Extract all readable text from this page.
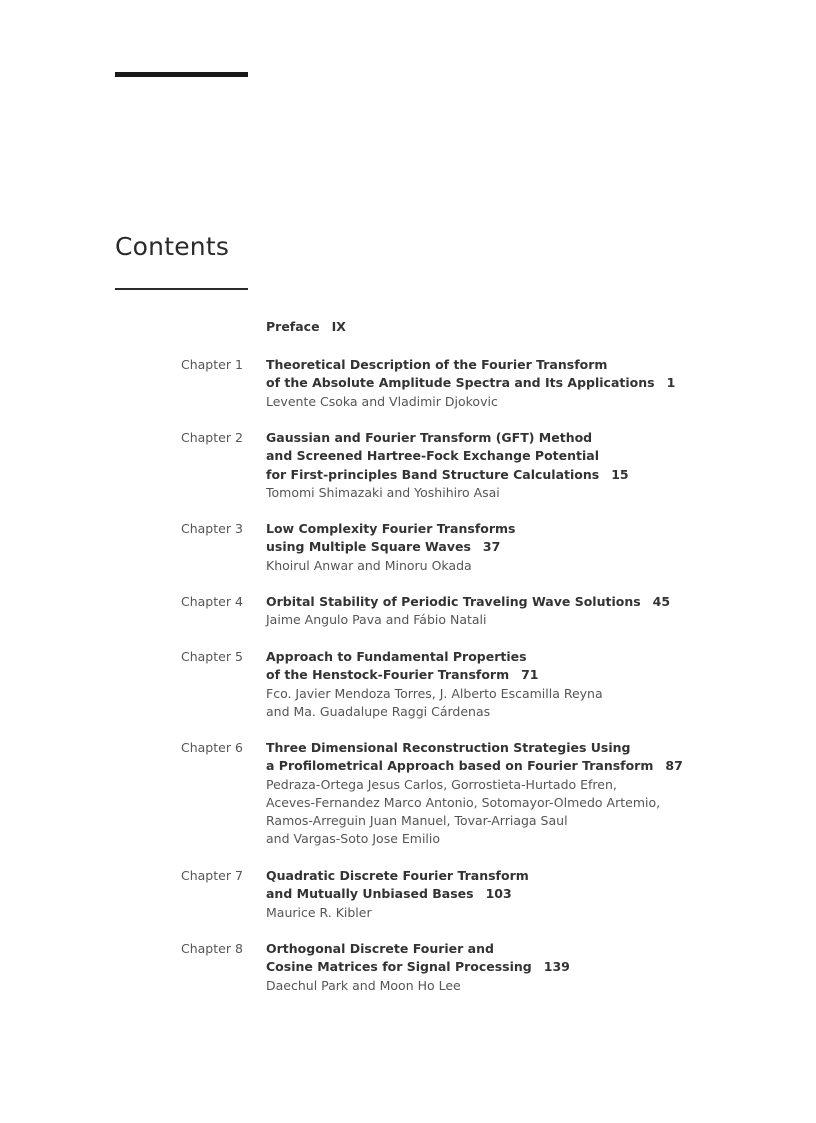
Contents
Preface IX
Chapter 1 Theoretical Description of the Fourier Transform
of the Absolute Amplitude Spectra and Its Applications 1
Levente Csoka and Vladimir Djokovic
Chapter 2 Gaussian and Fourier Transform (GFT) Method
and Screened Hartree-Fock Exchange Potential
for First-principles Band Structure Calculations 15
Tomomi Shimazaki and Yoshihiro Asai
Chapter 3 Low Complexity Fourier Transforms
using Multiple Square Waves 37
Khoirul Anwar and Minoru Okada
Chapter 4 Orbital Stability of Periodic Traveling Wave Solutions 45
Jaime Angulo Pava and Fábio Natali
Chapter 5 Approach to Fundamental Properties
of the Henstock-Fourier Transform 71
Fco. Javier Mendoza Torres, J. Alberto Escamilla Reyna
and Ma. Guadalupe Raggi Cárdenas
Chapter 6 Three Dimensional Reconstruction Strategies Using
a Profilometrical Approach based on Fourier Transform 87
Pedraza-Ortega Jesus Carlos, Gorrostieta-Hurtado Efren,
Aceves-Fernandez Marco Antonio, Sotomayor-Olmedo Artemio,
Ramos-Arreguin Juan Manuel, Tovar-Arriaga Saul
and Vargas-Soto Jose Emilio
Chapter 7 Quadratic Discrete Fourier Transform
and Mutually Unbiased Bases 103
Maurice R. Kibler
Chapter 8 Orthogonal Discrete Fourier and
Cosine Matrices for Signal Processing 139
Daechul Park and Moon Ho Lee
